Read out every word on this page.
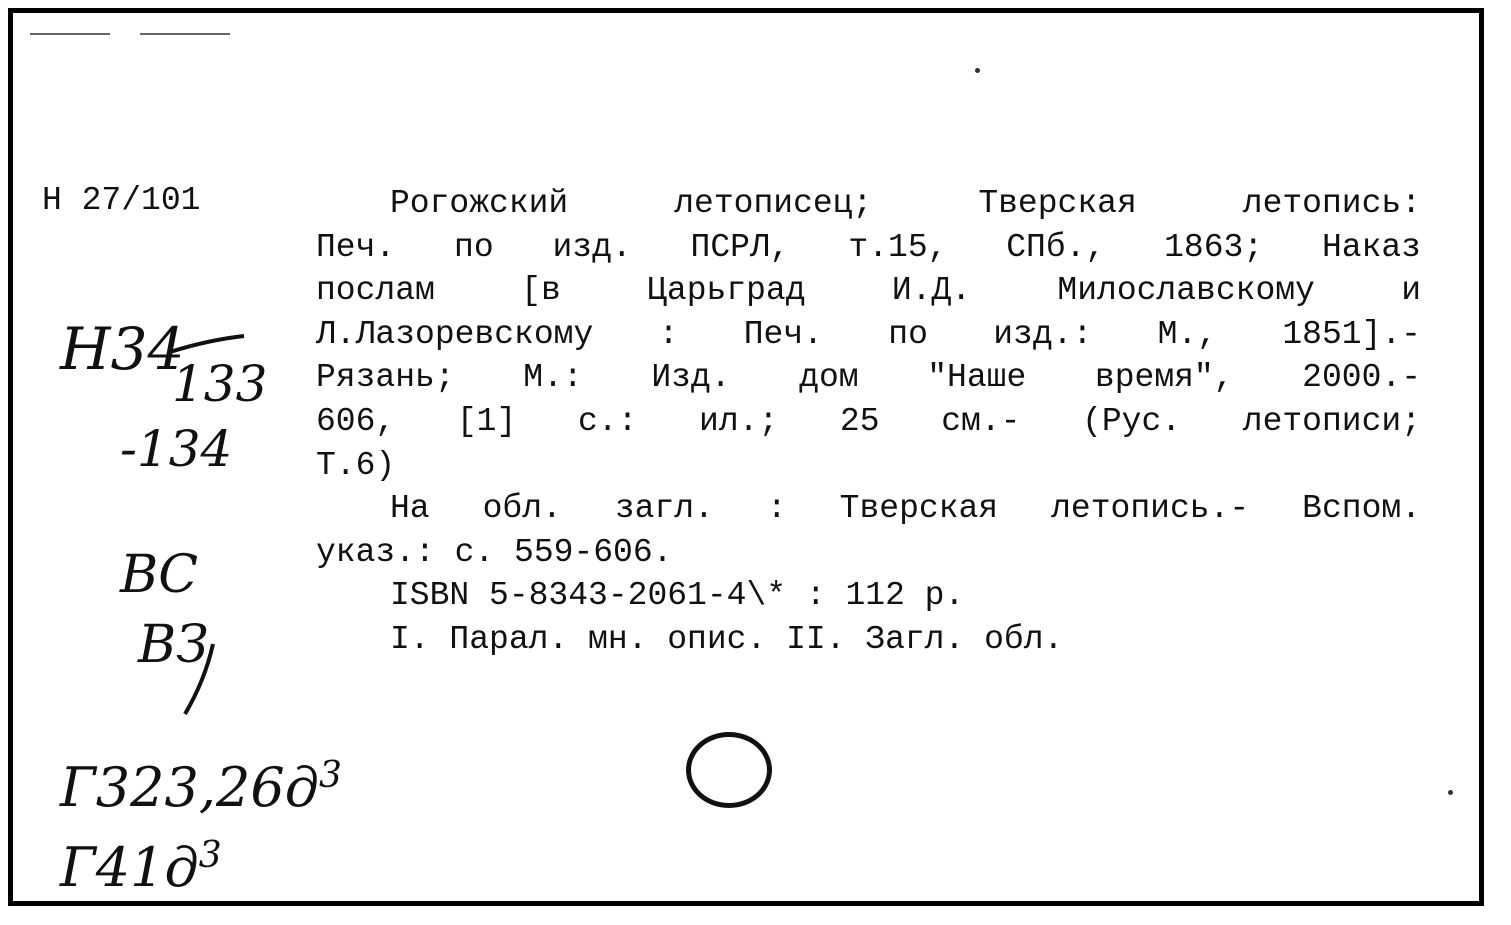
Н 27/101	Рогожский летописец; Тверская летопись:
Печ. по изд. ПСРЛ, т.15, СПб., 1863; Наказ
послам [в Царьград И.Д. Милославскому и
Л.Лазоревскому : Печ. по изд.: М., 1851].-
Рязань; М.: Изд. дом "Наше время", 2000.-
606, [1] с.: ил.; 25 см.- (Рус. летописи;
Т.6)
На обл. загл. : Тверская летопись.- Вспом.
указ.: с. 559-606.
ISBN 5-8343-2061-4\* : 112 р.
I. Парал. мн. опис. II. Загл. обл.
Н34
133
-134
ВС
ВЗ
$Г323,26д^3$
$Г41д^3$
